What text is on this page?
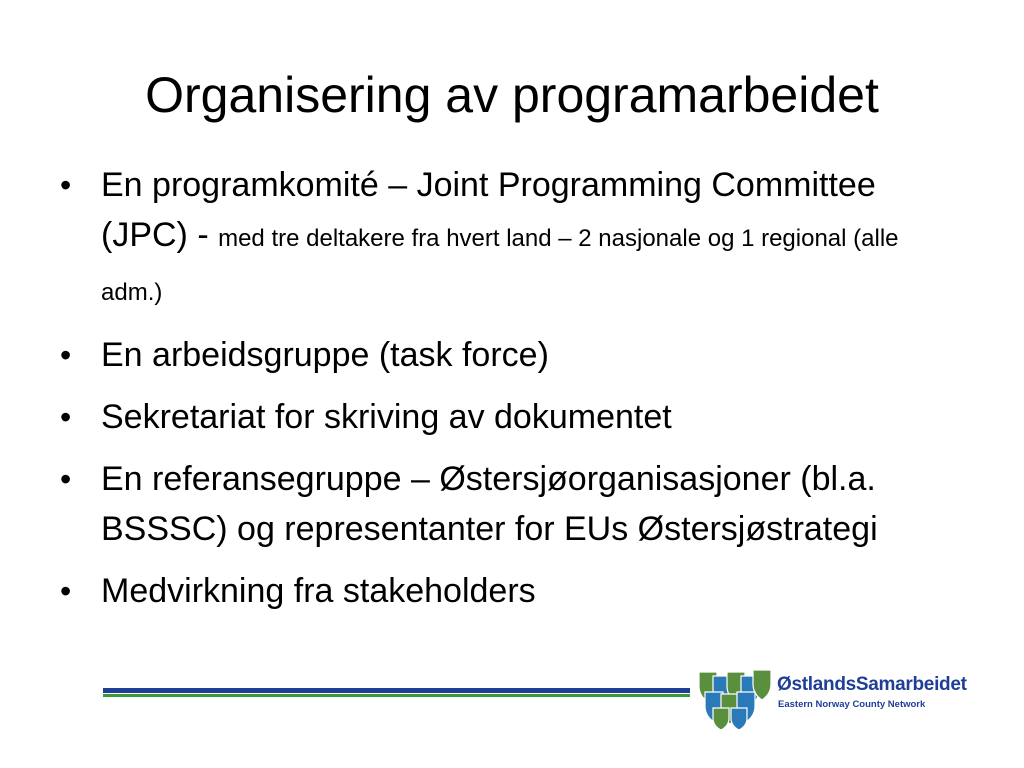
Organisering av programarbeidet
• En programkomité – Joint Programming Committee (JPC) - med tre deltakere fra hvert land – 2 nasjonale og 1 regional (alle adm.)
• En arbeidsgruppe (task force)
• Sekretariat for skriving av dokumentet
• En referansegruppe – Østersjøorganisasjoner (bl.a. BSSSC) og representanter for EUs Østersjøstrategi
• Medvirkning fra stakeholders
ØstlandsSamarbeidet
Eastern Norway County Network
